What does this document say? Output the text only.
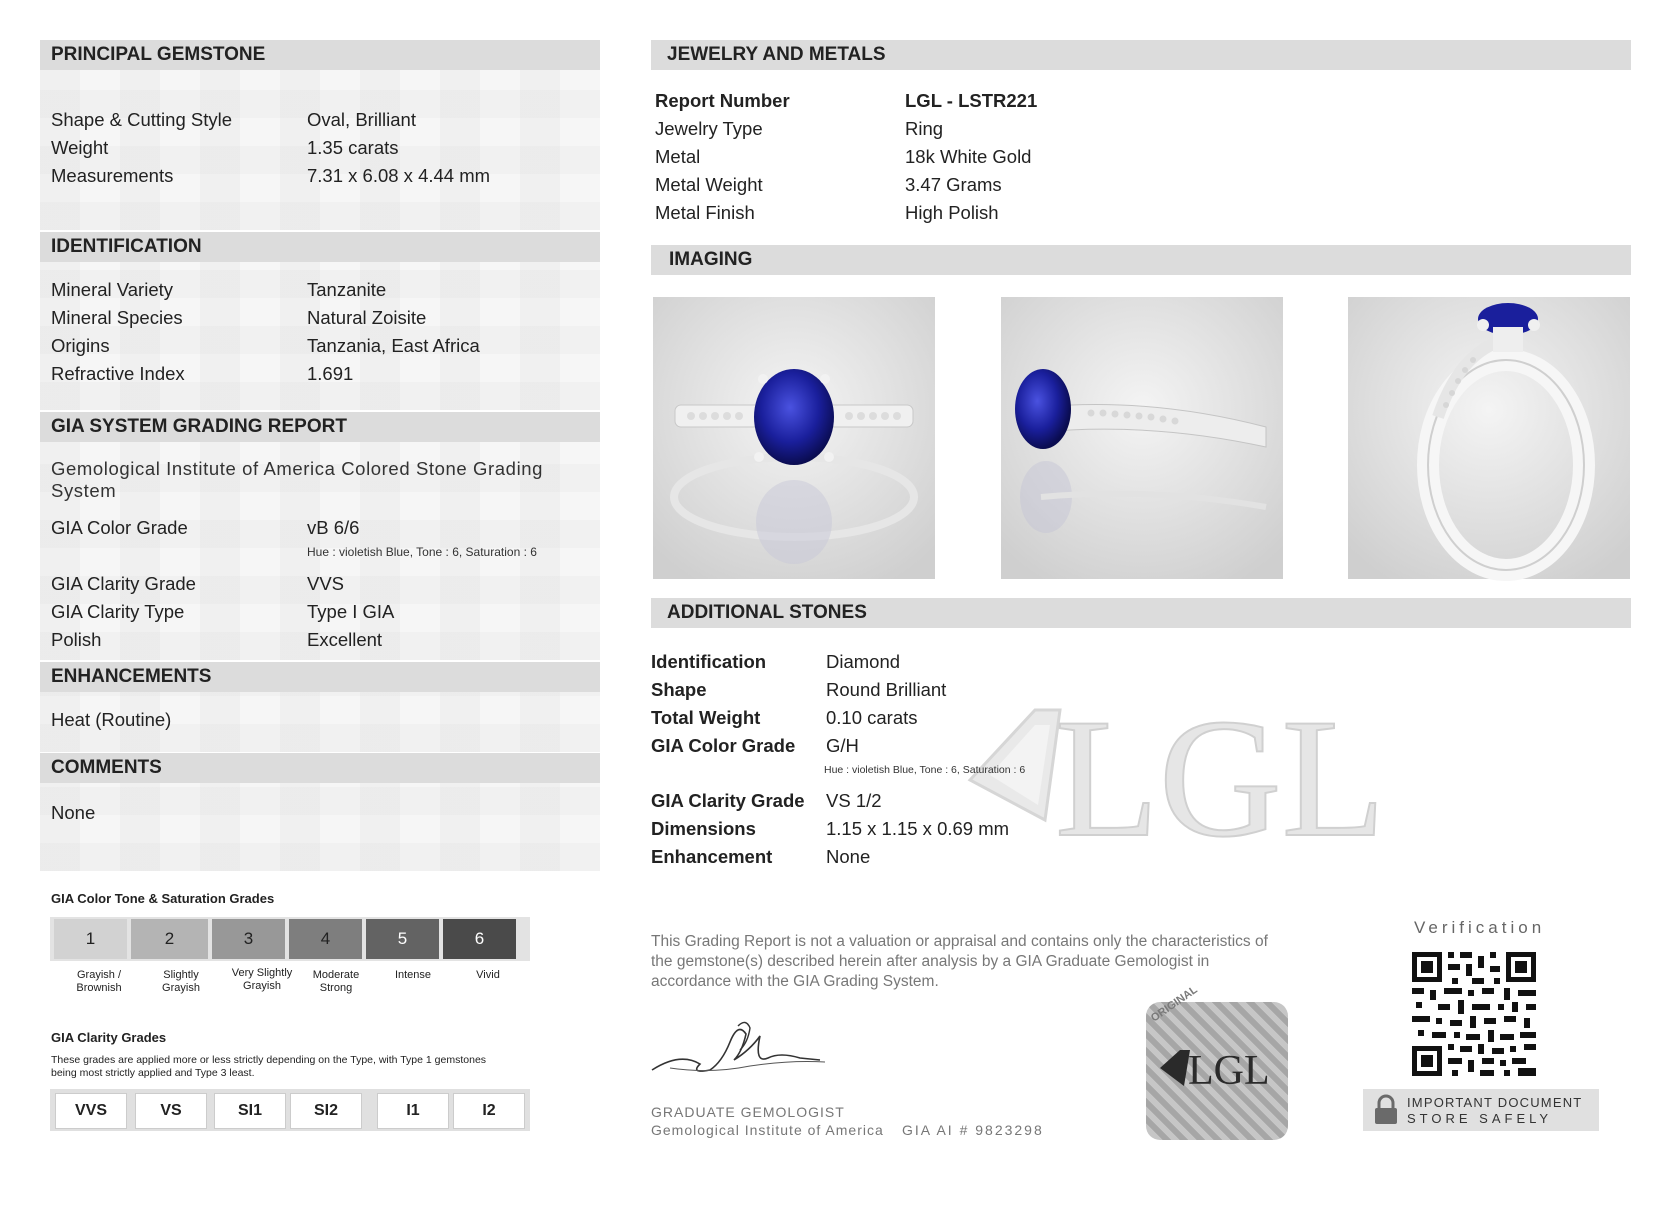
PRINCIPAL GEMSTONE
Shape & Cutting Style	Oval, Brilliant
Weight	1.35 carats
Measurements	7.31 x 6.08 x 4.44 mm
IDENTIFICATION
Mineral Variety	Tanzanite
Mineral Species	Natural Zoisite
Origins	Tanzania, East Africa
Refractive Index	1.691
GIA SYSTEM GRADING REPORT
Gemological Institute of America Colored Stone Grading System
GIA Color Grade	vB 6/6
Hue : violetish Blue, Tone : 6, Saturation : 6
GIA Clarity Grade	VVS
GIA Clarity Type	Type I GIA
Polish	Excellent
ENHANCEMENTS
Heat (Routine)
COMMENTS
None
GIA Color Tone & Saturation Grades
1	2	3	4	5	6
Grayish / Brownish
Slightly Grayish
Very Slightly Grayish
Moderate Strong
Intense	Vivid
GIA Clarity Grades
These grades are applied more or less strictly depending on the Type, with Type 1 gemstones being most strictly applied and Type 3 least.
VVS	VS	SI1	SI2	I1	I2
JEWELRY AND METALS
Report Number	LGL - LSTR221
Jewelry Type	Ring
Metal	18k White Gold
Metal Weight	3.47 Grams
Metal Finish	High Polish
IMAGING
ADDITIONAL STONES
LGL
Identification	Diamond
Shape	Round Brilliant
Total Weight	0.10 carats
GIA Color Grade G/H
Hue : violetish Blue, Tone : 6, Saturation : 6
GIA Clarity Grade VS 1/2
Dimensions	1.15 x 1.15 x 0.69 mm
Enhancement	None
This Grading Report is not a valuation or appraisal and contains only the characteristics of the gemstone(s) described herein after analysis by a GIA Graduate Gemologist in accordance with the GIA Grading System.
GRADUATE GEMOLOGIST
Gemological Institute of America GIA AI # 9823298
ORIGINAL
LGL
Verification
IMPORTANT DOCUMENT
STORE SAFELY
